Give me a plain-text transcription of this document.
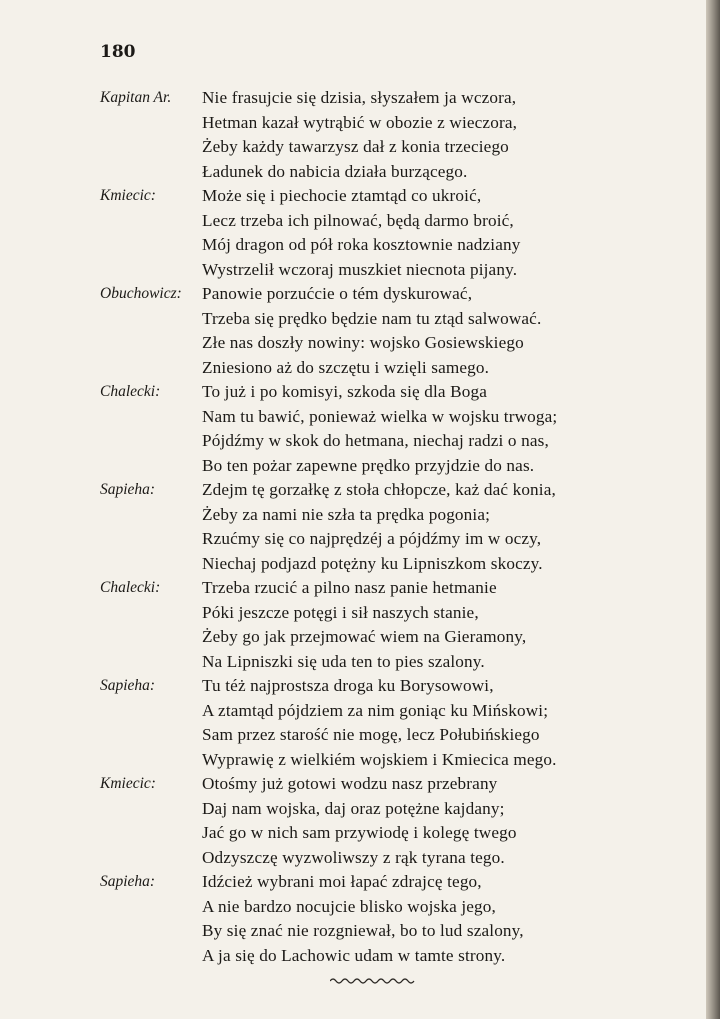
180
Kapitan Ar.	Nie frasujcie się dzisia, słyszałem ja wczora,
Hetman kazał wytrąbić w obozie z wieczora,
Żeby każdy tawarzysz dał z konia trzeciego
Ładunek do nabicia działa burzącego.
Kmiecic:	Może się i piechocie ztamtąd co ukroić,
Lecz trzeba ich pilnować, będą darmo broić,
Mój dragon od pół roka kosztownie nadziany
Wystrzelił wczoraj muszkiet niecnota pijany.
Obuchowicz:	Panowie porzućcie o tém dyskurować,
Trzeba się prędko będzie nam tu ztąd salwować.
Złe nas doszły nowiny: wojsko Gosiewskiego
Zniesiono aż do szczętu i wzięli samego.
Chalecki:	To już i po komisyi, szkoda się dla Boga
Nam tu bawić, ponieważ wielka w wojsku trwoga;
Pójdźmy w skok do hetmana, niechaj radzi o nas,
Bo ten pożar zapewne prędko przyjdzie do nas.
Sapieha:	Zdejm tę gorzałkę z stoła chłopcze, każ dać konia,
Żeby za nami nie szła ta prędka pogonia;
Rzućmy się co najprędzéj a pójdźmy im w oczy,
Niechaj podjazd potężny ku Lipniszkom skoczy.
Chalecki:	Trzeba rzucić a pilno nasz panie hetmanie
Póki jeszcze potęgi i sił naszych stanie,
Żeby go jak przejmować wiem na Gieramony,
Na Lipniszki się uda ten to pies szalony.
Sapieha:	Tu téż najprostsza droga ku Borysowowi,
A ztamtąd pójdziem za nim goniąc ku Mińskowi;
Sam przez starość nie mogę, lecz Połubińskiego
Wyprawię z wielkiém wojskiem i Kmiecica mego.
Kmiecic:	Otośmy już gotowi wodzu nasz przebrany
Daj nam wojska, daj oraz potężne kajdany;
Jać go w nich sam przywiodę i kolegę twego
Odzyszczę wyzwoliwszy z rąk tyrana tego.
Sapieha:	Idźcież wybrani moi łapać zdrajcę tego,
A nie bardzo nocujcie blisko wojska jego,
By się znać nie rozgniewał, bo to lud szalony,
A ja się do Lachowic udam w tamte strony.
